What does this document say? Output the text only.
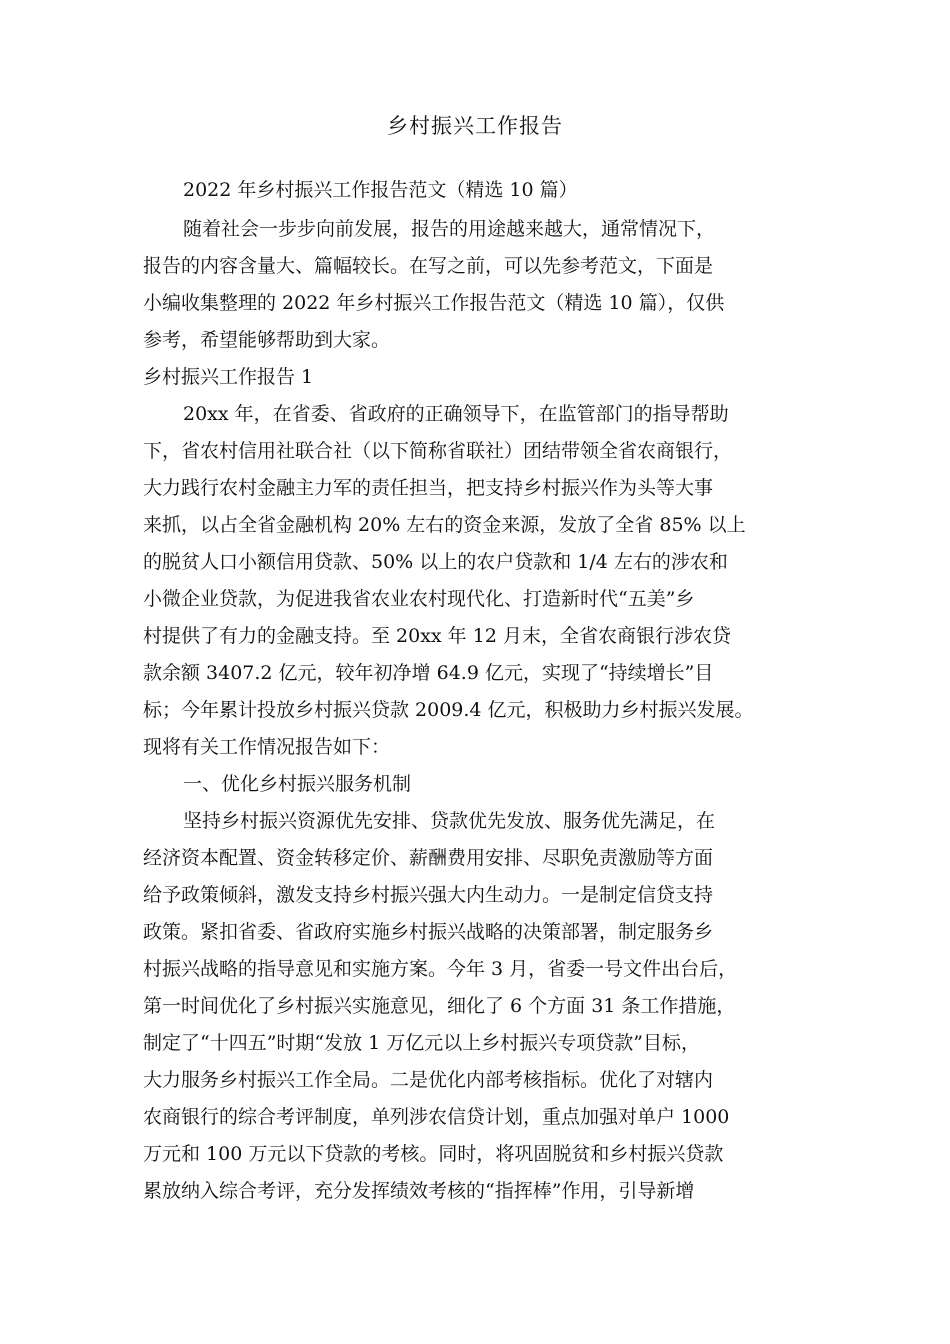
乡村振兴工作报告
2022 年乡村振兴工作报告范文（精选 10 篇）
随着社会一步步向前发展，报告的用途越来越大，通常情况下，
报告的内容含量大、篇幅较长。在写之前，可以先参考范文，下面是
小编收集整理的 2022 年乡村振兴工作报告范文（精选 10 篇），仅供
参考，希望能够帮助到大家。
乡村振兴工作报告 1
20xx 年，在省委、省政府的正确领导下，在监管部门的指导帮助
下，省农村信用社联合社（以下简称省联社）团结带领全省农商银行，
大力践行农村金融主力军的责任担当，把支持乡村振兴作为头等大事
来抓，以占全省金融机构 20% 左右的资金来源，发放了全省 85% 以上
的脱贫人口小额信用贷款、50% 以上的农户贷款和 1/4 左右的涉农和
小微企业贷款，为促进我省农业农村现代化、打造新时代“五美”乡
村提供了有力的金融支持。至 20xx 年 12 月末，全省农商银行涉农贷
款余额 3407.2 亿元，较年初净增 64.9 亿元，实现了“持续增长”目
标；今年累计投放乡村振兴贷款 2009.4 亿元，积极助力乡村振兴发展。
现将有关工作情况报告如下：
一、优化乡村振兴服务机制
坚持乡村振兴资源优先安排、贷款优先发放、服务优先满足，在
经济资本配置、资金转移定价、薪酬费用安排、尽职免责激励等方面
给予政策倾斜，激发支持乡村振兴强大内生动力。一是制定信贷支持
政策。紧扣省委、省政府实施乡村振兴战略的决策部署，制定服务乡
村振兴战略的指导意见和实施方案。今年 3 月，省委一号文件出台后，
第一时间优化了乡村振兴实施意见，细化了 6 个方面 31 条工作措施，
制定了“十四五”时期“发放 1 万亿元以上乡村振兴专项贷款”目标，
大力服务乡村振兴工作全局。二是优化内部考核指标。优化了对辖内
农商银行的综合考评制度，单列涉农信贷计划，重点加强对单户 1000
万元和 100 万元以下贷款的考核。同时，将巩固脱贫和乡村振兴贷款
累放纳入综合考评，充分发挥绩效考核的“指挥棒”作用，引导新增
